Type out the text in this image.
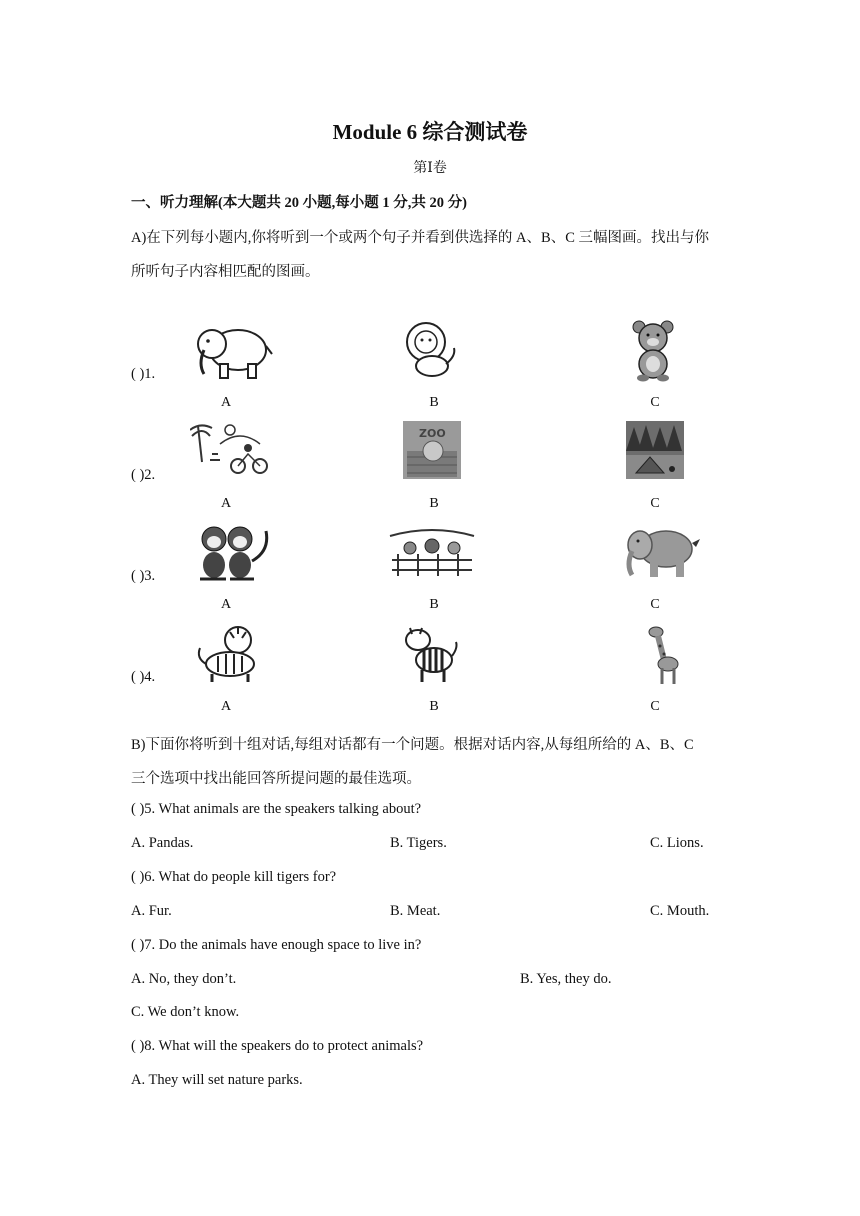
Module 6 综合测试卷
第Ⅰ卷
一、听力理解(本大题共 20 小题,每小题 1 分,共 20 分)
A)在下列每小题内,你将听到一个或两个句子并看到供选择的 A、B、C 三幅图画。找出与你
所听句子内容相匹配的图画。
( )1.
A	B	C
( )2.
ZOO
A	B	C
( )3.
A	B	C
( )4.
A	B	C
B)下面你将听到十组对话,每组对话都有一个问题。根据对话内容,从每组所给的 A、B、C
三个选项中找出能回答所提问题的最佳选项。
( )5. What animals are the speakers talking about?
A. Pandas.	B. Tigers.	C. Lions.
( )6. What do people kill tigers for?
A. Fur.	B. Meat.	C. Mouth.
( )7. Do the animals have enough space to live in?
A. No, they don’t.	B. Yes, they do.
C. We don’t know.
( )8. What will the speakers do to protect animals?
A. They will set nature parks.
